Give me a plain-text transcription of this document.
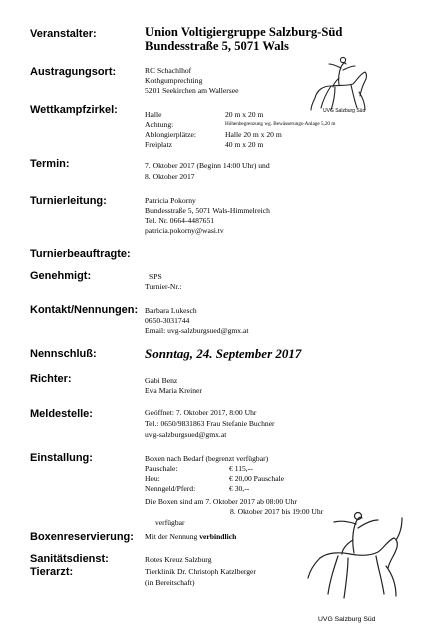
Veranstalter:	Union Voltigiergruppe Salzburg-Süd
Bundesstraße 5, 5071 Wals
Austragungsort:	RC Schachlhof
Kothgumprechting
5201 Seekirchen am Wallersee
UVG Salzburg Süd
Wettkampfzirkel:	Halle	20 m x 20 m
Achtung:	Höhenbegrenzung wg. Bewässerungs-Anlage 5,20 m
Ablongierplätze:	Halle 20 m x 20 m
Freiplatz	40 m x 20 m
Termin:	7. Oktober 2017 (Beginn 14:00 Uhr) und
8. Oktober 2017
Turnierleitung:	Patricia Pokorny
Bundesstraße 5, 5071 Wals-Himmelreich
Tel. Nr. 0664-4487651
patricia.pokorny@wasi.tv
Turnierbeauftragte:
Genehmigt:	SPS
Turnier-Nr.:
Kontakt/Nennungen: Barbara Lukesch
0650-3031744
Email: uvg-salzburgsued@gmx.at
Nennschluß:	Sonntag, 24. September 2017
Richter:	Gabi Benz
Eva Maria Kreiner
Meldestelle:	Geöffnet: 7. Oktober 2017, 8:00 Uhr
Tel.: 0650/9831863 Frau Stefanie Buchner
uvg-salzburgsued@gmx.at
Einstallung:	Boxen nach Bedarf (begrenzt verfügbar)
Pauschale:	€ 115,--
Heu:	€ 20,00 Pauschale
Nenngeld/Pferd:	€ 30,--
Die Boxen sind am 7. Oktober 2017 ab 08:00 Uhr
8. Oktober 2017 bis 19:00 Uhr
verfügbar
Boxenreservierung: Mit der Nennung verbindlich
Sanitätsdienst:	Rotes Kreuz Salzburg
Tierarzt:	Tierklinik Dr. Christoph Katzlberger
(in Bereitschaft)
UVG Salzburg Süd
